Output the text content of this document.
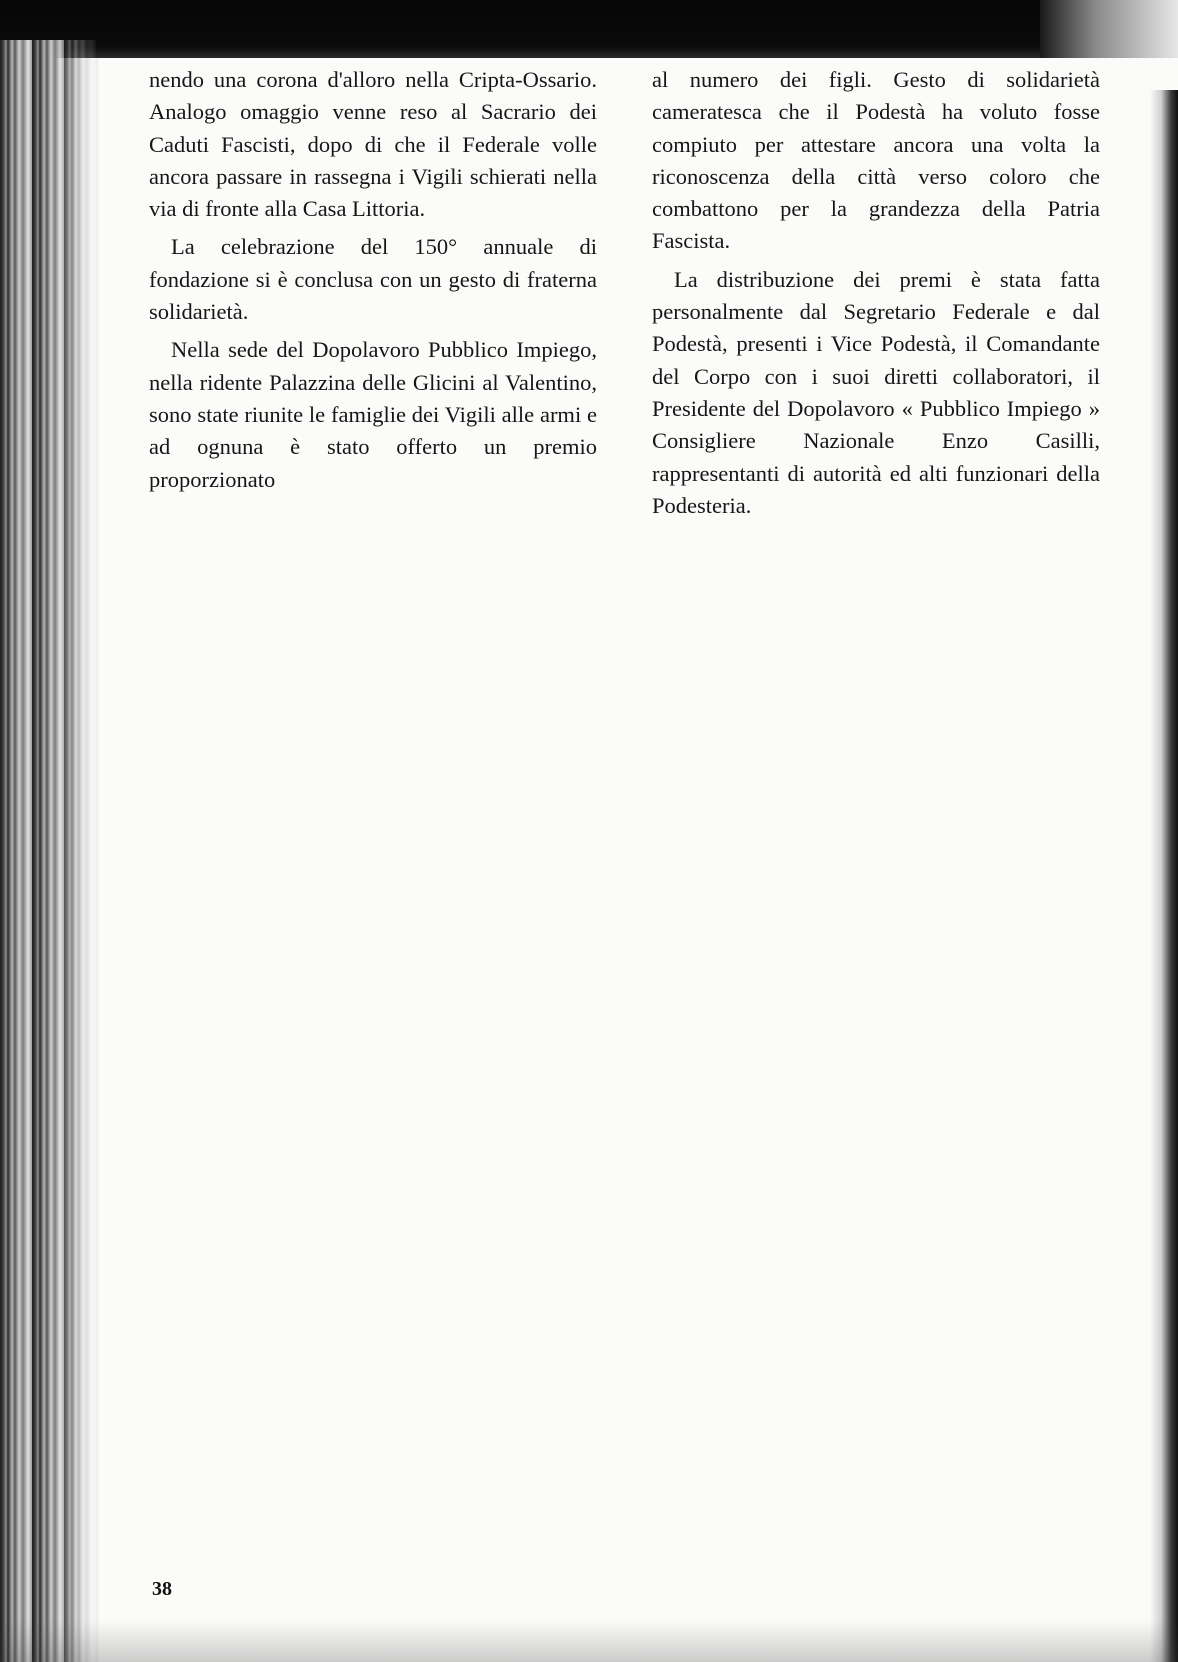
nendo una corona d'alloro nella Cripta-Ossario. Analogo omaggio venne reso al Sacrario dei Caduti Fascisti, dopo di che il Federale volle ancora passare in rassegna i Vigili schierati nella via di fronte alla Casa Littoria.

La celebrazione del 150° annuale di fondazione si è conclusa con un gesto di fraterna solidarietà.

Nella sede del Dopolavoro Pubblico Impiego, nella ridente Palazzina delle Glicini al Valentino, sono state riunite le famiglie dei Vigili alle armi e ad ognuna è stato offerto un premio proporzionato

al numero dei figli. Gesto di solidarietà cameratesca che il Podestà ha voluto fosse compiuto per attestare ancora una volta la riconoscenza della città verso coloro che combattono per la grandezza della Patria Fascista.

La distribuzione dei premi è stata fatta personalmente dal Segretario Federale e dal Podestà, presenti i Vice Podestà, il Comandante del Corpo con i suoi diretti collaboratori, il Presidente del Dopolavoro « Pubblico Impiego » Consigliere Nazionale Enzo Casilli, rappresentanti di autorità ed alti funzionari della Podesteria.

38
